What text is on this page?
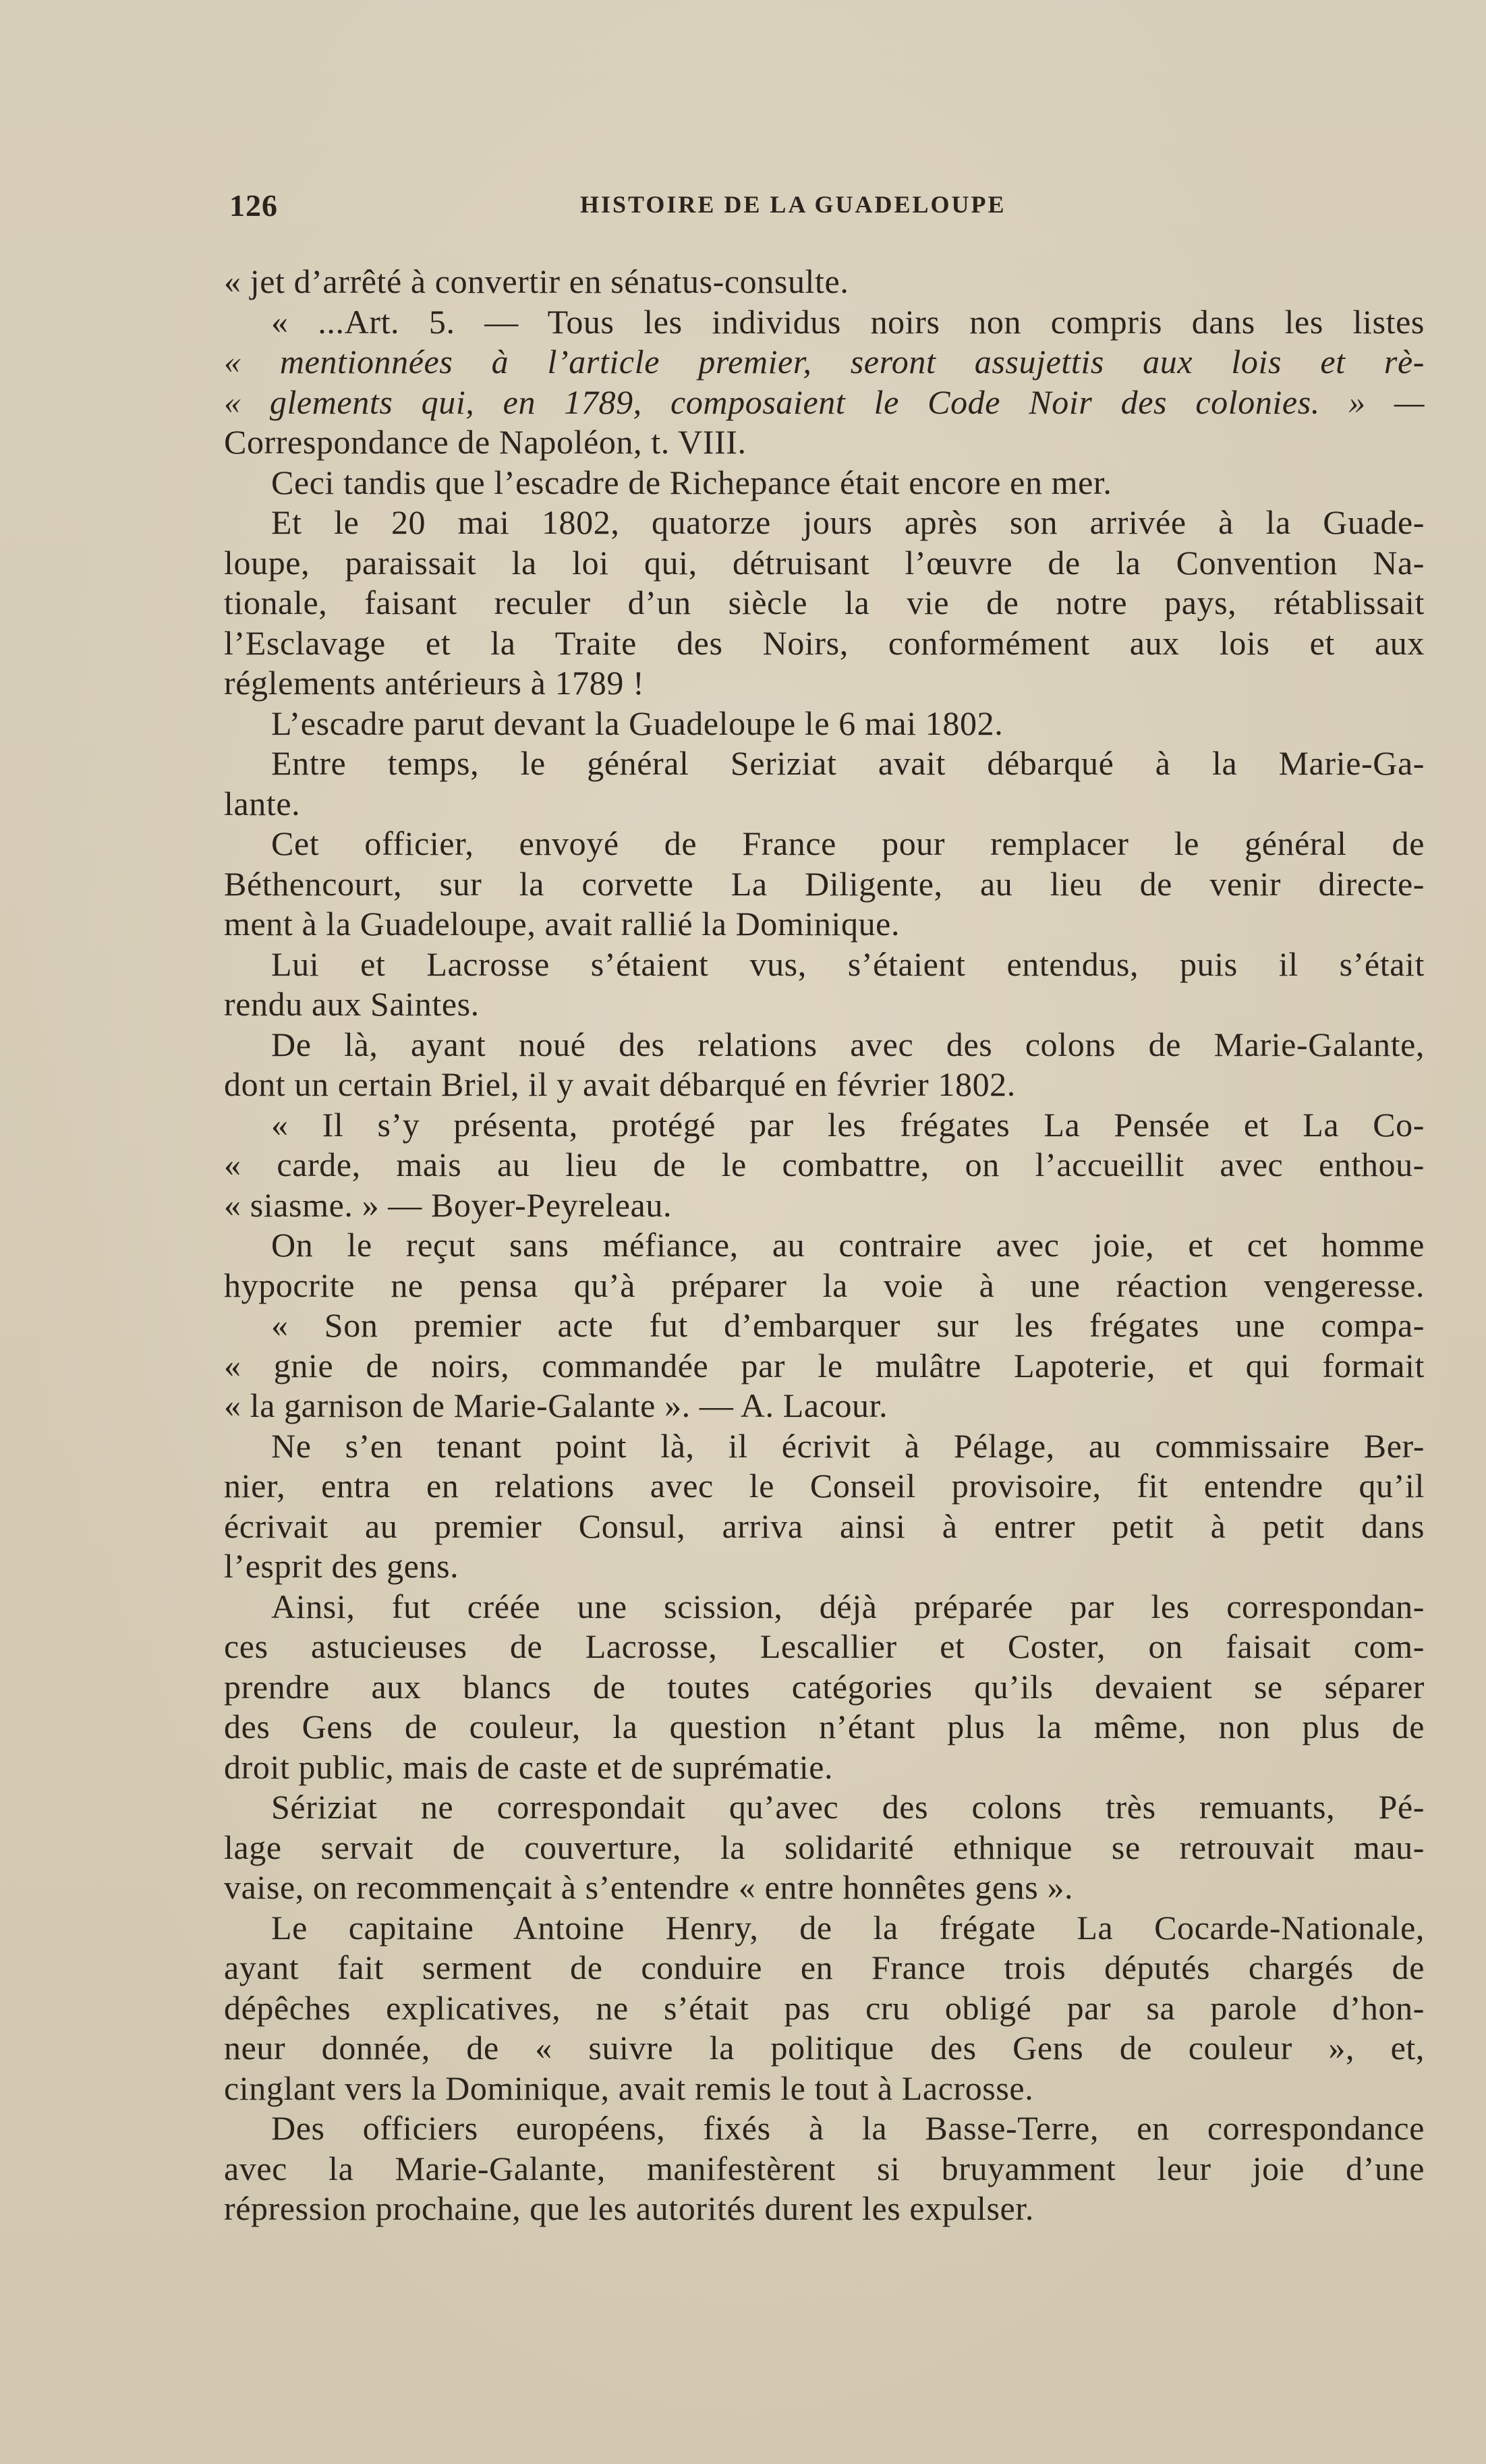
126	HISTOIRE DE LA GUADELOUPE
« jet d’arrêté à convertir en sénatus-consulte.
« ...Art. 5. — Tous les individus noirs non compris dans les listes
« mentionnées à l’article premier, seront assujettis aux lois et rè-
« glements qui, en 1789, composaient le Code Noir des colonies. » —
Correspondance de Napoléon, t. VIII.
Ceci tandis que l’escadre de Richepance était encore en mer.
Et le 20 mai 1802, quatorze jours après son arrivée à la Guade-
loupe, paraissait la loi qui, détruisant l’œuvre de la Convention Na-
tionale, faisant reculer d’un siècle la vie de notre pays, rétablissait
l’Esclavage et la Traite des Noirs, conformément aux lois et aux
réglements antérieurs à 1789 !
L’escadre parut devant la Guadeloupe le 6 mai 1802.
Entre temps, le général Seriziat avait débarqué à la Marie-Ga-
lante.
Cet officier, envoyé de France pour remplacer le général de
Béthencourt, sur la corvette La Diligente, au lieu de venir directe-
ment à la Guadeloupe, avait rallié la Dominique.
Lui et Lacrosse s’étaient vus, s’étaient entendus, puis il s’était
rendu aux Saintes.
De là, ayant noué des relations avec des colons de Marie-Galante,
dont un certain Briel, il y avait débarqué en février 1802.
« Il s’y présenta, protégé par les frégates La Pensée et La Co-
« carde, mais au lieu de le combattre, on l’accueillit avec enthou-
« siasme. » — Boyer-Peyreleau.
On le reçut sans méfiance, au contraire avec joie, et cet homme
hypocrite ne pensa qu’à préparer la voie à une réaction vengeresse.
« Son premier acte fut d’embarquer sur les frégates une compa-
« gnie de noirs, commandée par le mulâtre Lapoterie, et qui formait
« la garnison de Marie-Galante ». — A. Lacour.
Ne s’en tenant point là, il écrivit à Pélage, au commissaire Ber-
nier, entra en relations avec le Conseil provisoire, fit entendre qu’il
écrivait au premier Consul, arriva ainsi à entrer petit à petit dans
l’esprit des gens.
Ainsi, fut créée une scission, déjà préparée par les correspondan-
ces astucieuses de Lacrosse, Lescallier et Coster, on faisait com-
prendre aux blancs de toutes catégories qu’ils devaient se séparer
des Gens de couleur, la question n’étant plus la même, non plus de
droit public, mais de caste et de suprématie.
Sériziat ne correspondait qu’avec des colons très remuants, Pé-
lage servait de couverture, la solidarité ethnique se retrouvait mau-
vaise, on recommençait à s’entendre « entre honnêtes gens ».
Le capitaine Antoine Henry, de la frégate La Cocarde-Nationale,
ayant fait serment de conduire en France trois députés chargés de
dépêches explicatives, ne s’était pas cru obligé par sa parole d’hon-
neur donnée, de « suivre la politique des Gens de couleur », et,
cinglant vers la Dominique, avait remis le tout à Lacrosse.
Des officiers européens, fixés à la Basse-Terre, en correspondance
avec la Marie-Galante, manifestèrent si bruyamment leur joie d’une
répression prochaine, que les autorités durent les expulser.
